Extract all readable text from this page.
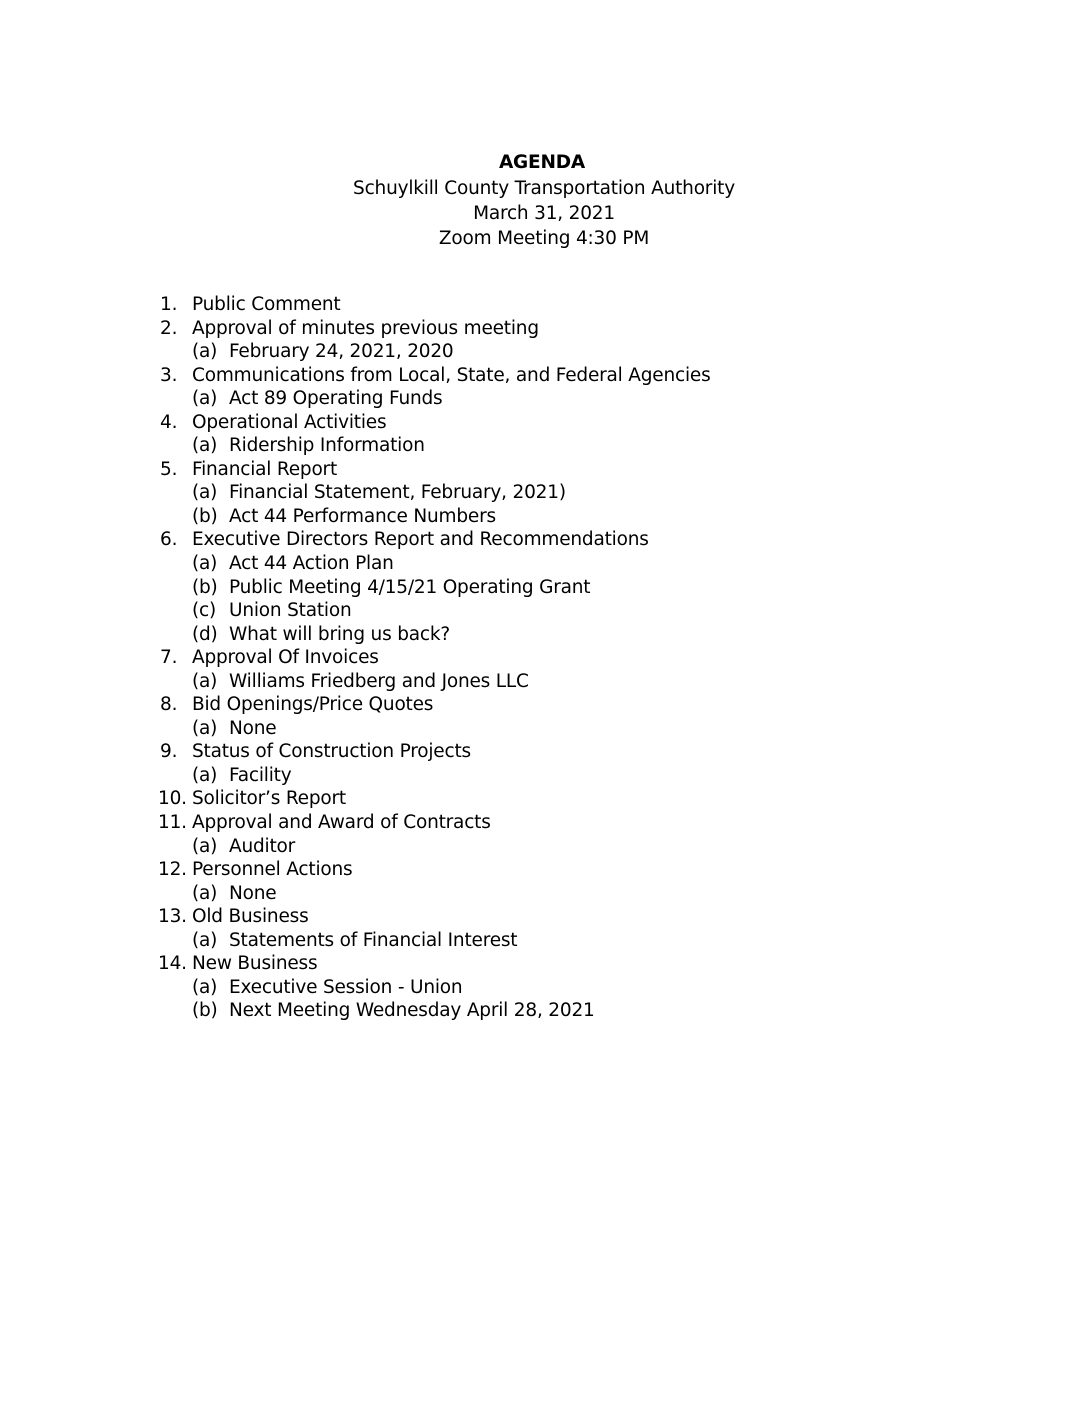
AGENDA
Schuylkill County Transportation Authority
March 31, 2021
Zoom Meeting 4:30 PM
1. Public Comment
2. Approval of minutes previous meeting
(a) February 24, 2021, 2020
3. Communications from Local, State, and Federal Agencies
(a) Act 89 Operating Funds
4. Operational Activities
(a) Ridership Information
5. Financial Report
(a) Financial Statement, February, 2021)
(b) Act 44 Performance Numbers
6. Executive Directors Report and Recommendations
(a) Act 44 Action Plan
(b) Public Meeting 4/15/21 Operating Grant
(c) Union Station
(d) What will bring us back?
7. Approval Of Invoices
(a) Williams Friedberg and Jones LLC
8. Bid Openings/Price Quotes
(a) None
9. Status of Construction Projects
(a) Facility
10. Solicitor’s Report
11. Approval and Award of Contracts
(a) Auditor
12. Personnel Actions
(a) None
13. Old Business
(a) Statements of Financial Interest
14. New Business
(a) Executive Session - Union
(b) Next Meeting Wednesday April 28, 2021
